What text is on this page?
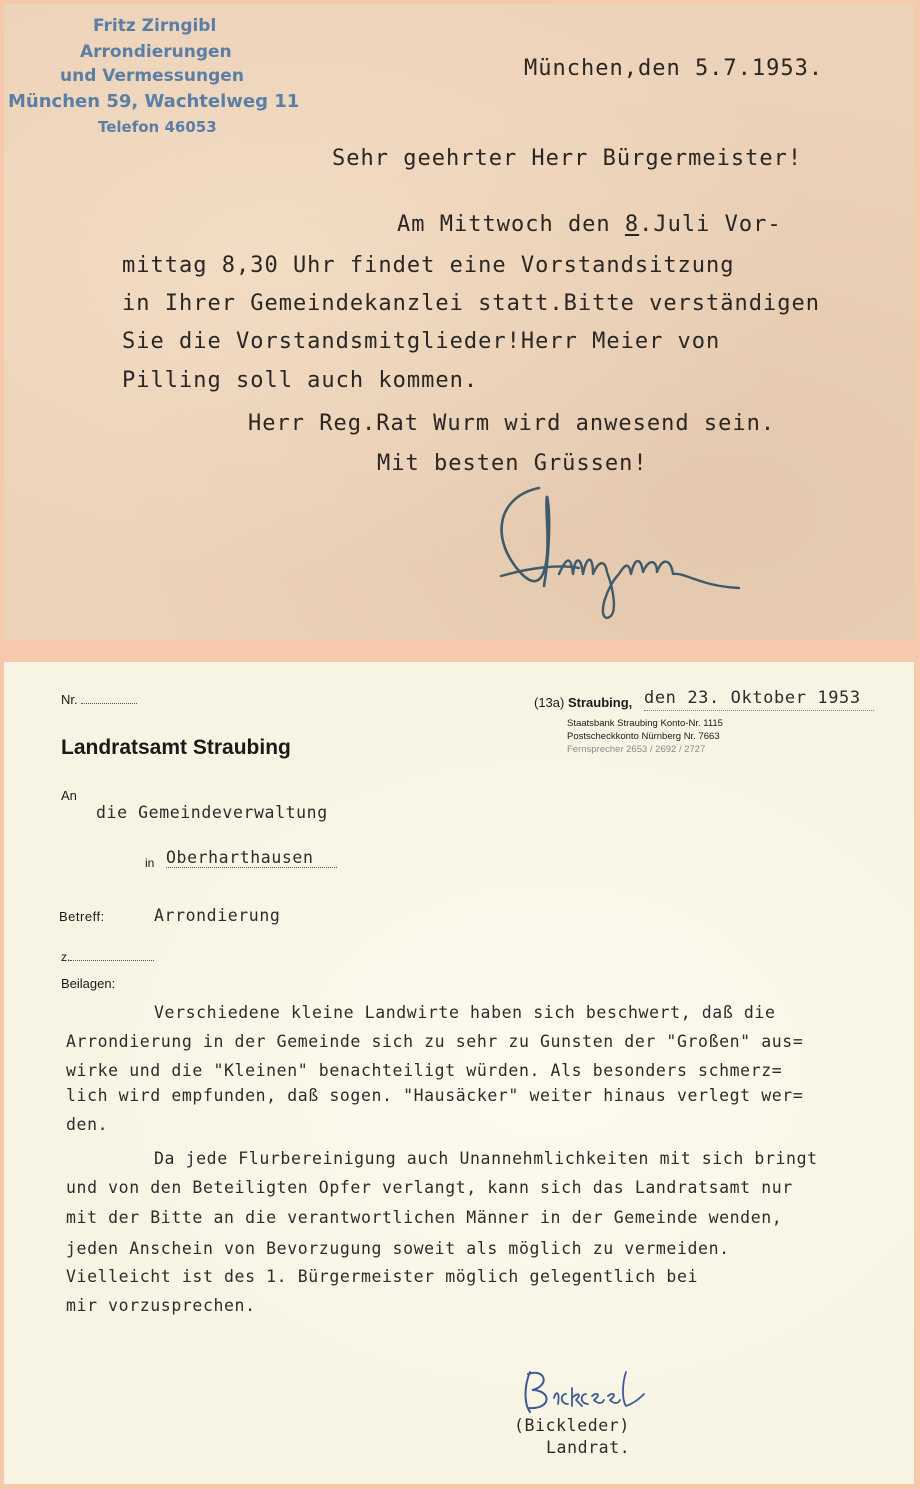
Fritz Zirngibl
Arrondierungen
und Vermessungen
München 59, Wachtelweg 11
Telefon 46053
München,den 5.7.1953.
Sehr geehrter Herr Bürgermeister!
Am Mittwoch den 8.Juli Vor-
mittag 8,30 Uhr findet eine Vorstandsitzung
in Ihrer Gemeindekanzlei statt.Bitte verständigen
Sie die Vorstandsmitglieder!Herr Meier von
Pilling soll auch kommen.
Herr Reg.Rat Wurm wird anwesend sein.
Mit besten Grüssen!
Nr.
Landratsamt Straubing
(13a) Straubing, den 23. Oktober 1953
Staatsbank Straubing Konto-Nr. 1115
Postscheckkonto Nürnberg Nr. 7663
Fernsprecher 2653 / 2692 / 2727
An
die Gemeindeverwaltung
in Oberharthausen
Betreff:	Arrondierung
z.
Beilagen:
Verschiedene kleine Landwirte haben sich beschwert, daß die
Arrondierung in der Gemeinde sich zu sehr zu Gunsten der "Großen" aus=
wirke und die "Kleinen" benachteiligt würden. Als besonders schmerz=
lich wird empfunden, daß sogen. "Hausäcker" weiter hinaus verlegt wer=
den.
Da jede Flurbereinigung auch Unannehmlichkeiten mit sich bringt
und von den Beteiligten Opfer verlangt, kann sich das Landratsamt nur
mit der Bitte an die verantwortlichen Männer in der Gemeinde wenden,
jeden Anschein von Bevorzugung soweit als möglich zu vermeiden.
Vielleicht ist des 1. Bürgermeister möglich gelegentlich bei
mir vorzusprechen.
(Bickleder)
Landrat.
